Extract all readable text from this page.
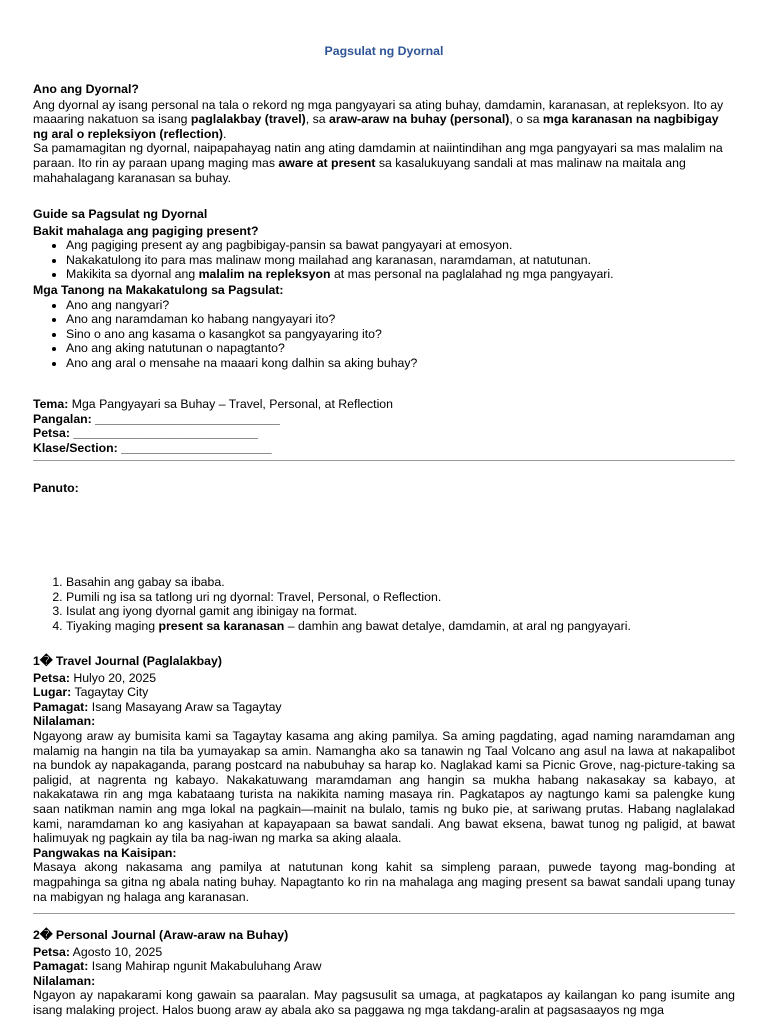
Pagsulat ng Dyornal

Ano ang Dyornal?

Ang dyornal ay isang personal na tala o rekord ng mga pangyayari sa ating buhay, damdamin, karanasan, at repleksyon. Ito ay maaaring nakatuon sa isang paglalakbay (travel), sa araw-araw na buhay (personal), o sa mga karanasan na nagbibigay ng aral o repleksiyon (reflection).

Sa pamamagitan ng dyornal, naipapahayag natin ang ating damdamin at naiintindihan ang mga pangyayari sa mas malalim na paraan. Ito rin ay paraan upang maging mas aware at present sa kasalukuyang sandali at mas malinaw na maitala ang mahahalagang karanasan sa buhay.

Guide sa Pagsulat ng Dyornal

Bakit mahalaga ang pagiging present?

• Ang pagiging present ay ang pagbibigay-pansin sa bawat pangyayari at emosyon.
• Nakakatulong ito para mas malinaw mong mailahad ang karanasan, naramdaman, at natutunan.
• Makikita sa dyornal ang malalim na repleksyon at mas personal na paglalahad ng mga pangyayari.

Mga Tanong na Makakatulong sa Pagsulat:

• Ano ang nangyari?
• Ano ang naramdaman ko habang nangyayari ito?
• Sino o ano ang kasama o kasangkot sa pangyayaring ito?
• Ano ang aking natutunan o napagtanto?
• Ano ang aral o mensahe na maaari kong dalhin sa aking buhay?

Tema: Mga Pangyayari sa Buhay – Travel, Personal, at Reflection

Pangalan: ___________________________

Petsa: ___________________________

Klase/Section: ______________________

Panuto:

1. Basahin ang gabay sa ibaba.
2. Pumili ng isa sa tatlong uri ng dyornal: Travel, Personal, o Reflection.
3. Isulat ang iyong dyornal gamit ang ibinigay na format.
4. Tiyaking maging present sa karanasan – damhin ang bawat detalye, damdamin, at aral ng pangyayari.

1� Travel Journal (Paglalakbay)

Petsa: Hulyo 20, 2025

Lugar: Tagaytay City

Pamagat: Isang Masayang Araw sa Tagaytay

Nilalaman:

Ngayong araw ay bumisita kami sa Tagaytay kasama ang aking pamilya. Sa aming pagdating, agad naming naramdaman ang malamig na hangin na tila ba yumayakap sa amin. Namangha ako sa tanawin ng Taal Volcano ang asul na lawa at nakapalibot na bundok ay napakaganda, parang postcard na nabubuhay sa harap ko. Naglakad kami sa Picnic Grove, nag-picture-taking sa paligid, at nagrenta ng kabayo. Nakakatuwang maramdaman ang hangin sa mukha habang nakasakay sa kabayo, at nakakatawa rin ang mga kabataang turista na nakikita naming masaya rin. Pagkatapos ay nagtungo kami sa palengke kung saan natikman namin ang mga lokal na pagkain—mainit na bulalo, tamis ng buko pie, at sariwang prutas. Habang naglalakad kami, naramdaman ko ang kasiyahan at kapayapaan sa bawat sandali. Ang bawat eksena, bawat tunog ng paligid, at bawat halimuyak ng pagkain ay tila ba nag-iwan ng marka sa aking alaala.

Pangwakas na Kaisipan:

Masaya akong nakasama ang pamilya at natutunan kong kahit sa simpleng paraan, puwede tayong mag-bonding at magpahinga sa gitna ng abala nating buhay. Napagtanto ko rin na mahalaga ang maging present sa bawat sandali upang tunay na mabigyan ng halaga ang karanasan.

2� Personal Journal (Araw-araw na Buhay)

Petsa: Agosto 10, 2025

Pamagat: Isang Mahirap ngunit Makabuluhang Araw

Nilalaman:

Ngayon ay napakarami kong gawain sa paaralan. May pagsusulit sa umaga, at pagkatapos ay kailangan ko pang isumite ang isang malaking project. Halos buong araw ay abala ako sa paggawa ng mga takdang-aralin at pagsasaayos ng mga
